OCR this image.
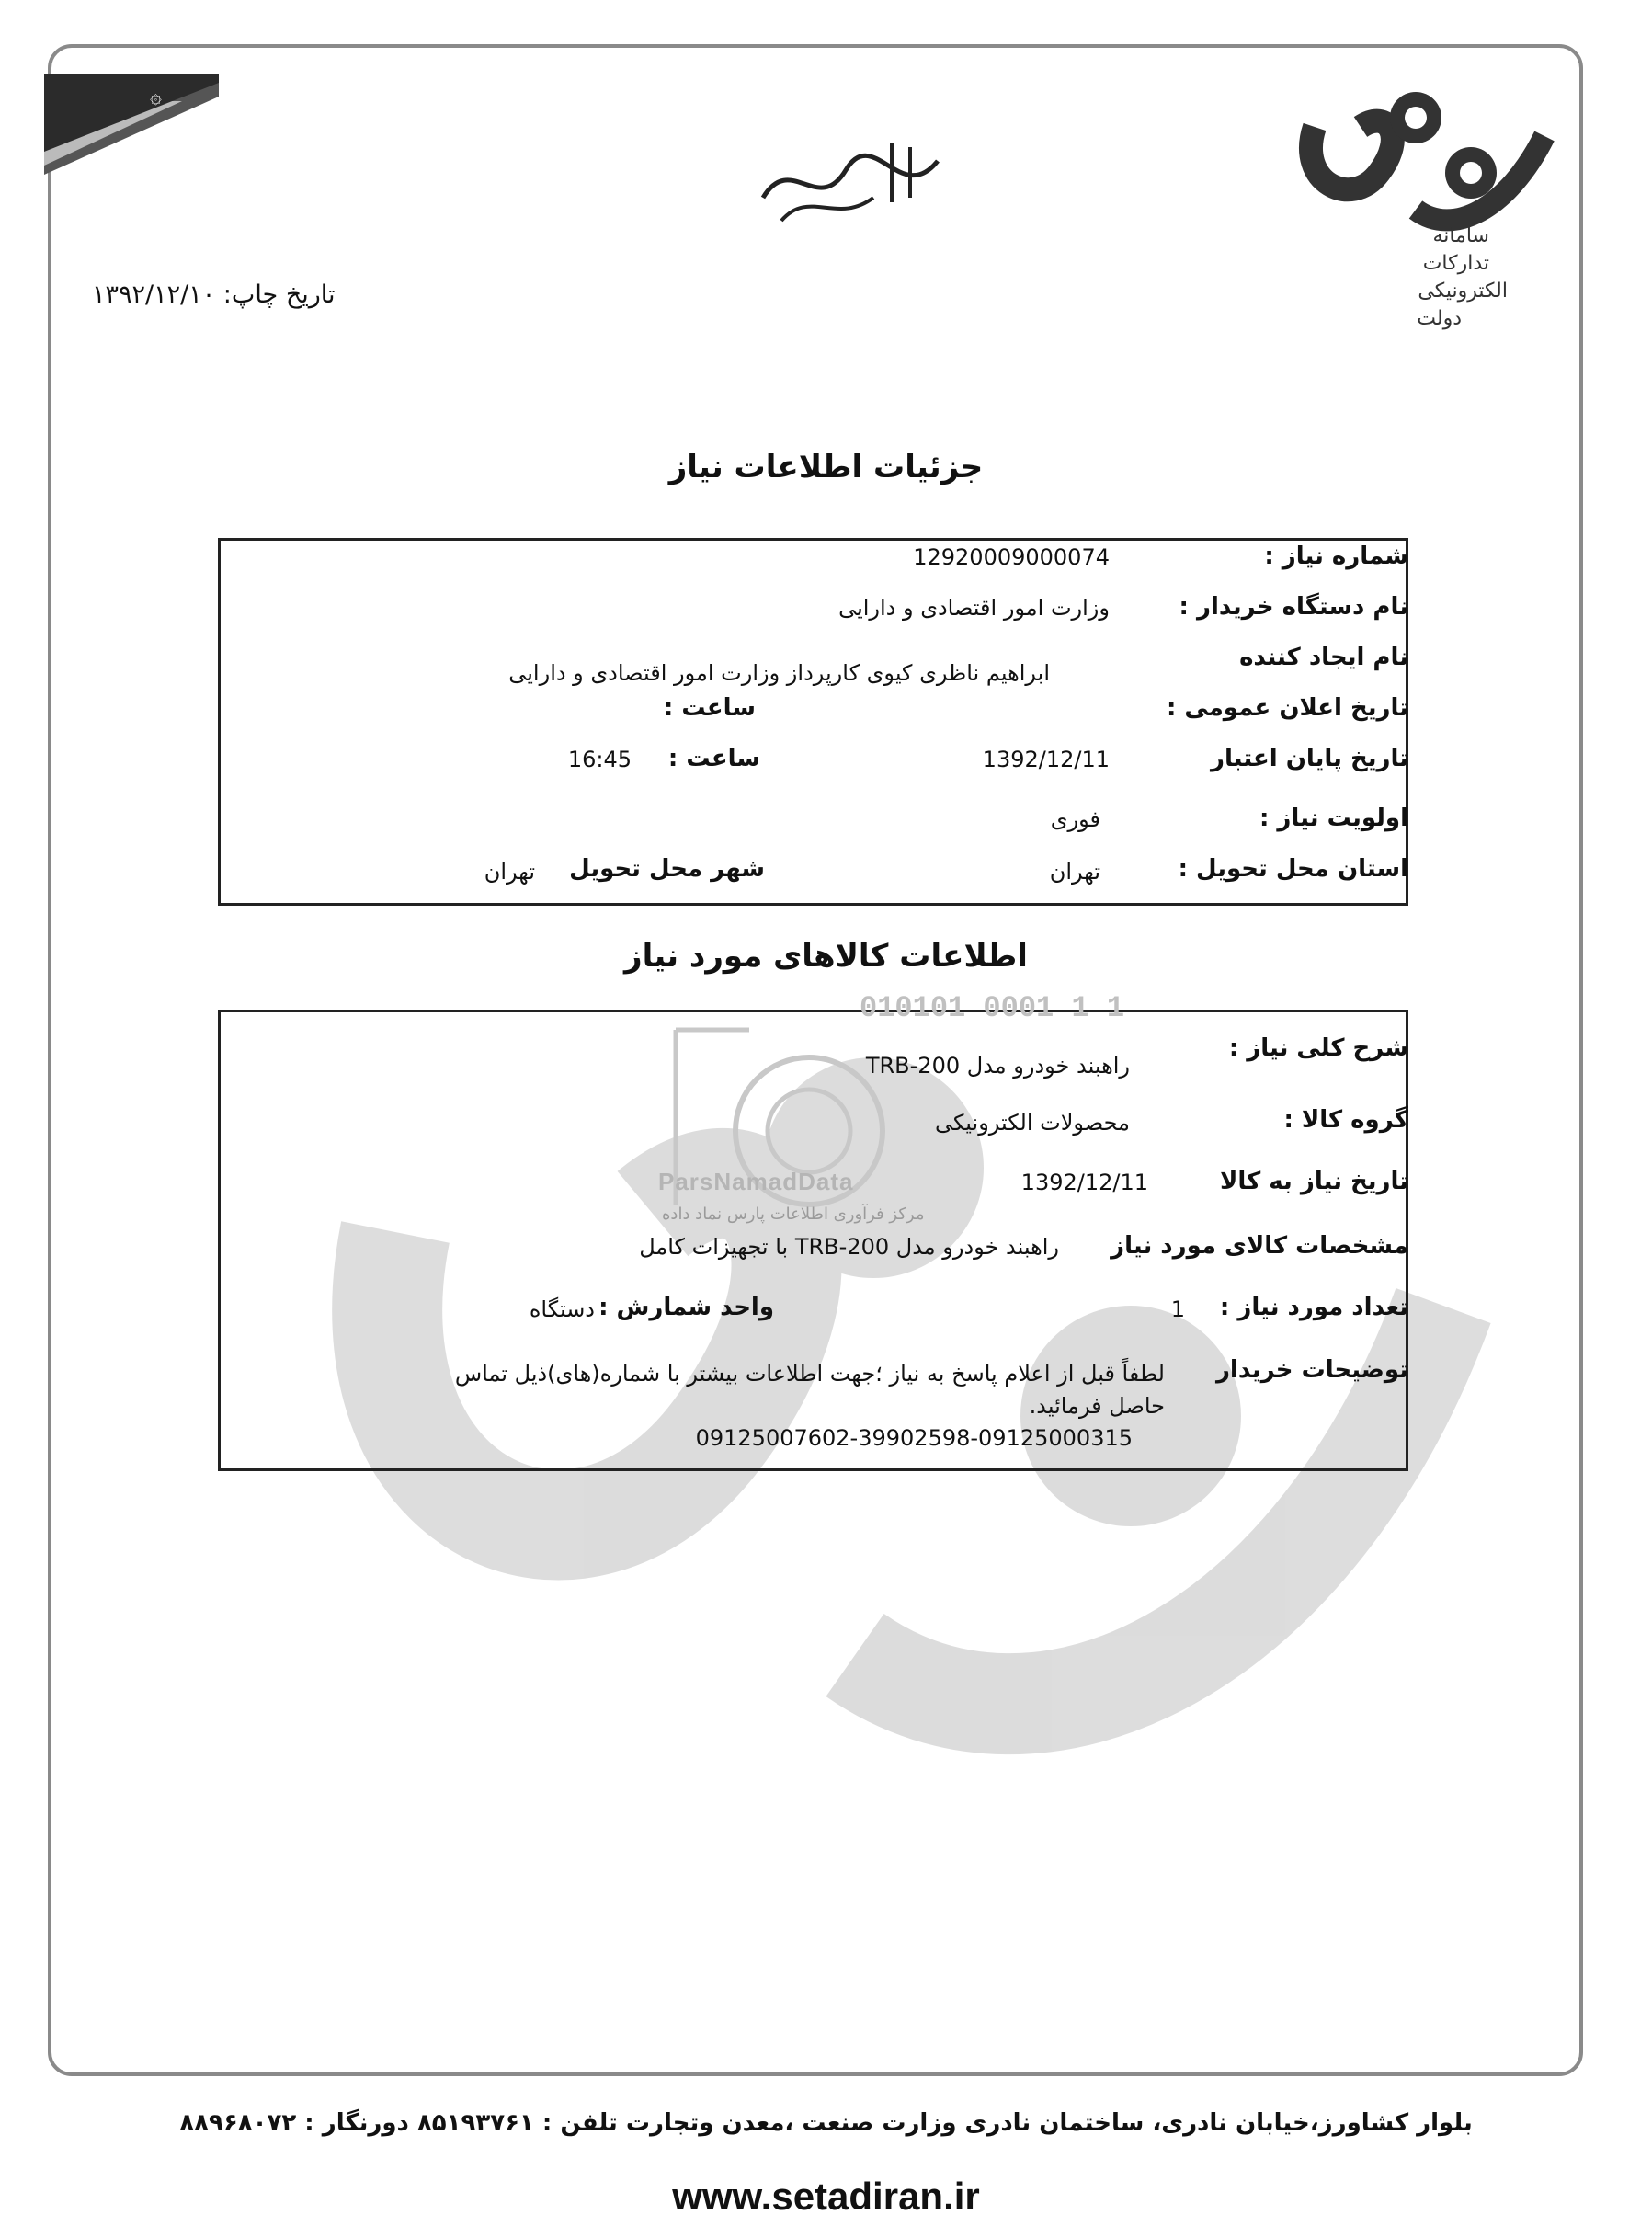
۞
سامانه
تدارکات
الکترونیکی
دولت
تاریخ چاپ: ۱۳۹۲/۱۲/۱۰
جزئیات اطلاعات نیاز
شماره نیاز :
12920009000074
نام دستگاه خریدار :
وزارت امور اقتصادی و دارایی
نام ایجاد کننده
ابراهیم ناظری کیوی کارپرداز وزارت امور اقتصادی و دارایی
تاریخ اعلان عمومی :
ساعت :
تاریخ پایان اعتبار
1392/12/11
ساعت :
16:45
اولویت نیاز :
فوری
استان محل تحویل :
تهران
شهر محل تحویل
تهران
اطلاعات کالاهای مورد نیاز
010101 0001 1 1
ParsNamadData
مرکز فرآوری اطلاعات پارس نماد داده
شرح کلی نیاز :
راهبند خودرو مدل TRB-200
گروه کالا :
محصولات الکترونیکی
تاریخ نیاز به کالا
1392/12/11
مشخصات کالای مورد نیاز
راهبند خودرو مدل TRB-200 با تجهیزات کامل
تعداد مورد نیاز :
1
واحد شمارش :
دستگاه
توضیحات خریدار
لطفاً قبل از اعلام پاسخ به نیاز ؛جهت اطلاعات بیشتر با شماره(های)ذیل تماس
حاصل فرمائید.
09125007602-39902598-09125000315
بلوار کشاورز،خیابان نادری، ساختمان نادری وزارت صنعت ،معدن وتجارت تلفن : ۸۵۱۹۳۷۶۱ دورنگار : ۸۸۹۶۸۰۷۲
www.setadiran.ir
